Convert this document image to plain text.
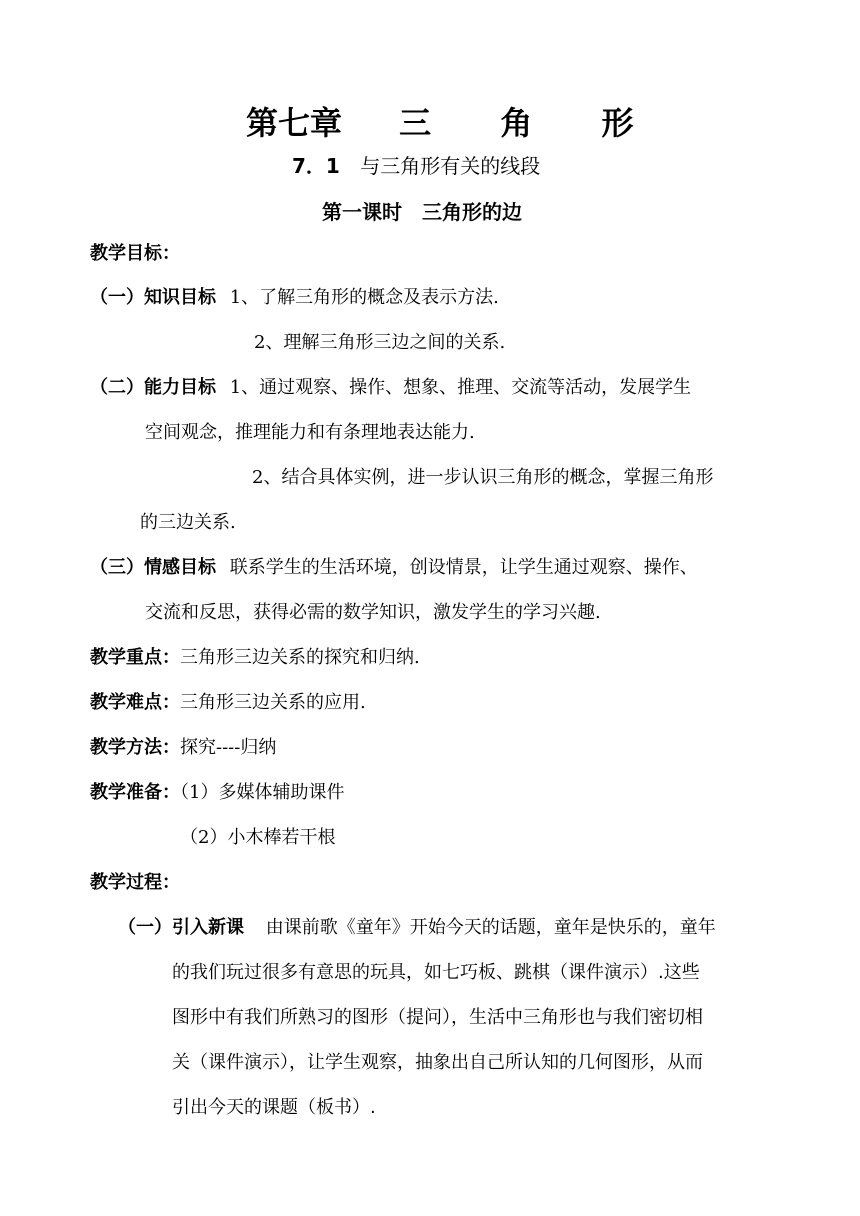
第七章 三 角 形
7．1 与三角形有关的线段
第一课时　三角形的边
教学目标：
（一）知识目标 1、了解三角形的概念及表示方法.
2、理解三角形三边之间的关系.
（二）能力目标 1、通过观察、操作、想象、推理、交流等活动，发展学生
空间观念，推理能力和有条理地表达能力.
2、结合具体实例，进一步认识三角形的概念，掌握三角形
的三边关系.
（三）情感目标 联系学生的生活环境，创设情景，让学生通过观察、操作、
交流和反思，获得必需的数学知识，激发学生的学习兴趣.
教学重点：三角形三边关系的探究和归纳.
教学难点：三角形三边关系的应用.
教学方法：探究----归纳
教学准备：（1）多媒体辅助课件
（2）小木棒若干根
教学过程：
（一）引入新课 由课前歌《童年》开始今天的话题，童年是快乐的，童年
的我们玩过很多有意思的玩具，如七巧板、跳棋（课件演示）.这些
图形中有我们所熟习的图形（提问），生活中三角形也与我们密切相
关（课件演示），让学生观察，抽象出自己所认知的几何图形，从而
引出今天的课题（板书）.
